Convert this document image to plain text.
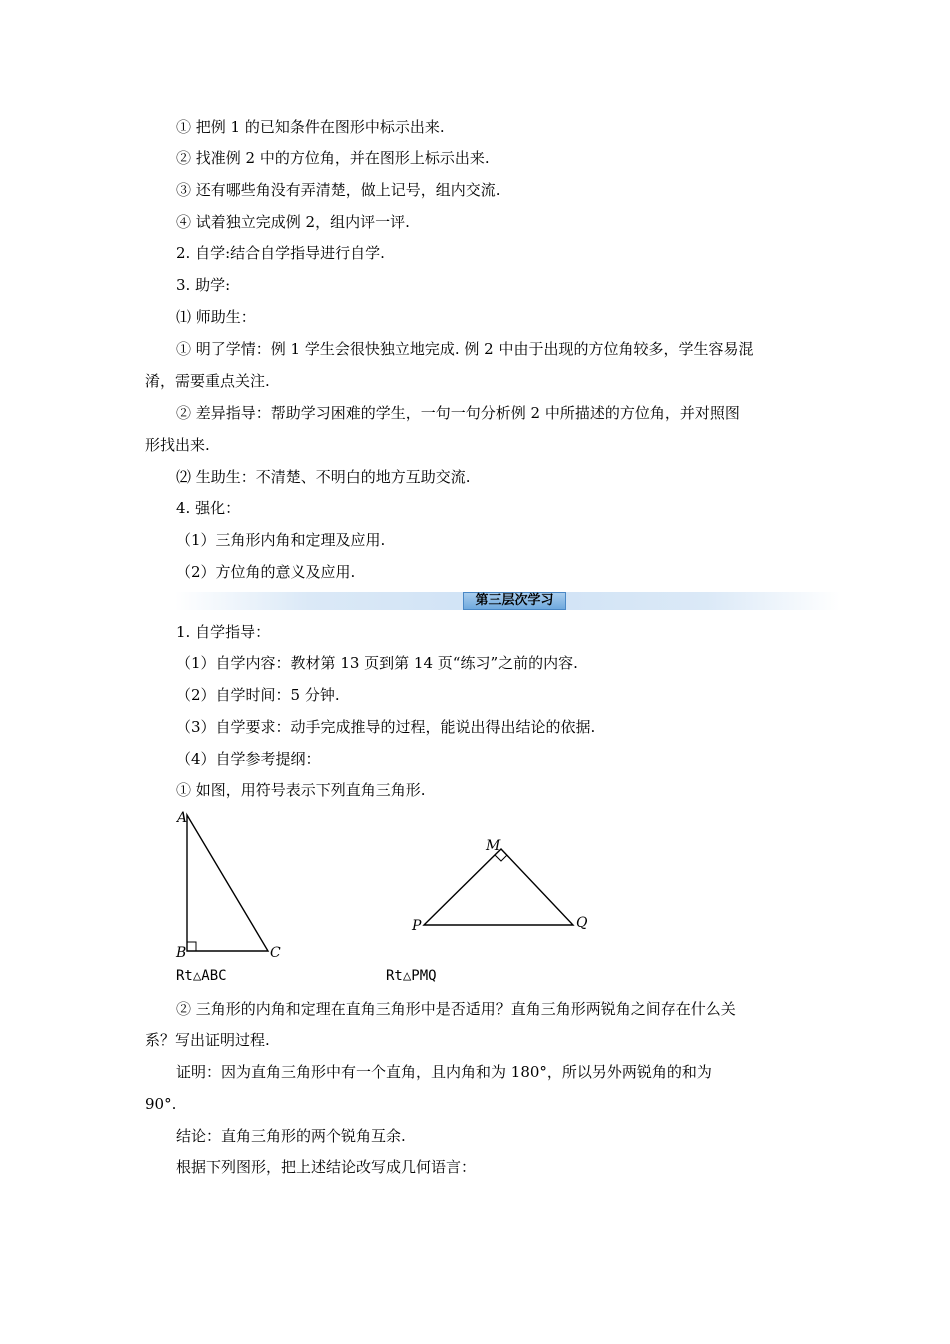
① 把例 1 的已知条件在图形中标示出来.
② 找准例 2 中的方位角，并在图形上标示出来.
③ 还有哪些角没有弄清楚，做上记号，组内交流.
④ 试着独立完成例 2，组内评一评.
2. 自学:结合自学指导进行自学.
3. 助学:
⑴ 师助生：
① 明了学情：例 1 学生会很快独立地完成. 例 2 中由于出现的方位角较多，学生容易混
淆，需要重点关注.
② 差异指导：帮助学习困难的学生，一句一句分析例 2 中所描述的方位角，并对照图
形找出来.
⑵ 生助生：不清楚、不明白的地方互助交流.
4. 强化：
（1）三角形内角和定理及应用.
（2）方位角的意义及应用.
第三层次学习
1. 自学指导：
（1）自学内容：教材第 13 页到第 14 页“练习”之前的内容.
（2）自学时间：5 分钟.
（3）自学要求：动手完成推导的过程，能说出得出结论的依据.
（4）自学参考提纲：
① 如图，用符号表示下列直角三角形.
A
B	C
M
P	Q
Rt△ABC	Rt△PMQ
② 三角形的内角和定理在直角三角形中是否适用？直角三角形两锐角之间存在什么关
系？写出证明过程.
证明：因为直角三角形中有一个直角，且内角和为 180°，所以另外两锐角的和为
90°.
结论：直角三角形的两个锐角互余.
根据下列图形，把上述结论改写成几何语言：
